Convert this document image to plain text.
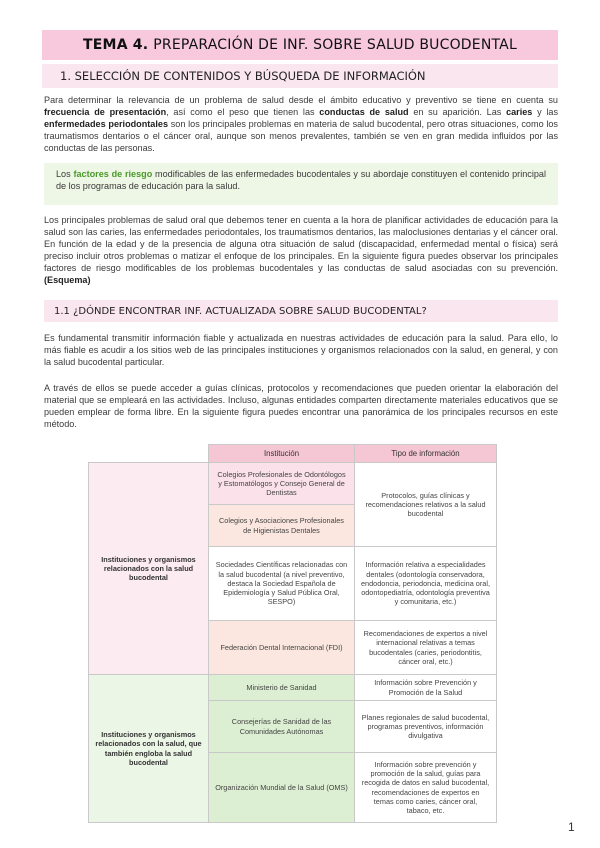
TEMA 4. PREPARACIÓN DE INF. SOBRE SALUD BUCODENTAL
1. SELECCIÓN DE CONTENIDOS Y BÚSQUEDA DE INFORMACIÓN
Para determinar la relevancia de un problema de salud desde el ámbito educativo y preventivo se tiene en cuenta su frecuencia de presentación, así como el peso que tienen las conductas de salud en su aparición. Las caries y las enfermedades periodontales son los principales problemas en materia de salud bucodental, pero otras situaciones, como los traumatismos dentarios o el cáncer oral, aunque son menos prevalentes, también se ven en gran medida influidos por las conductas de las personas.
Los factores de riesgo modificables de las enfermedades bucodentales y su abordaje constituyen el contenido principal de los programas de educación para la salud.
Los principales problemas de salud oral que debemos tener en cuenta a la hora de planificar actividades de educación para la salud son las caries, las enfermedades periodontales, los traumatismos dentarios, las maloclusiones dentarias y el cáncer oral. En función de la edad y de la presencia de alguna otra situación de salud (discapacidad, enfermedad mental o física) será preciso incluir otros problemas o matizar el enfoque de los principales. En la siguiente figura puedes observar los principales factores de riesgo modificables de los problemas bucodentales y las conductas de salud asociadas con su prevención. (Esquema)
1.1 ¿DÓNDE ENCONTRAR INF. ACTUALIZADA SOBRE SALUD BUCODENTAL?
Es fundamental transmitir información fiable y actualizada en nuestras actividades de educación para la salud. Para ello, lo más fiable es acudir a los sitios web de las principales instituciones y organismos relacionados con la salud, en general, y con la salud bucodental particular.
A través de ellos se puede acceder a guías clínicas, protocolos y recomendaciones que pueden orientar la elaboración del material que se empleará en las actividades. Incluso, algunas entidades comparten directamente materiales educativos que se pueden emplear de forma libre. En la siguiente figura puedes encontrar una panorámica de los principales recursos en este método.
	Institución	Tipo de información
Instituciones y organismos relacionados con la salud bucodental	Colegios Profesionales de Odontólogos y Estomatólogos y Consejo General de Dentistas	Protocolos, guías clínicas y recomendaciones relativos a la salud bucodental
	Colegios y Asociaciones Profesionales de Higienistas Dentales	
	Sociedades Científicas relacionadas con la salud bucodental (a nivel preventivo, destaca la Sociedad Española de Epidemiología y Salud Pública Oral, SESPO)	Información relativa a especialidades dentales (odontología conservadora, endodoncia, periodoncia, medicina oral, odontopediatría, odontología preventiva y comunitaria, etc.)
	Federación Dental Internacional (FDI)	Recomendaciones de expertos a nivel internacional relativas a temas bucodentales (caries, periodontitis, cáncer oral, etc.)
Instituciones y organismos relacionados con la salud, que también engloba la salud bucodental	Ministerio de Sanidad	Información sobre Prevención y Promoción de la Salud
	Consejerías de Sanidad de las Comunidades Autónomas	Planes regionales de salud bucodental, programas preventivos, información divulgativa
	Organización Mundial de la Salud (OMS)	Información sobre prevención y promoción de la salud, guías para recogida de datos en salud bucodental, recomendaciones de expertos en temas como caries, cáncer oral, tabaco, etc.
1
